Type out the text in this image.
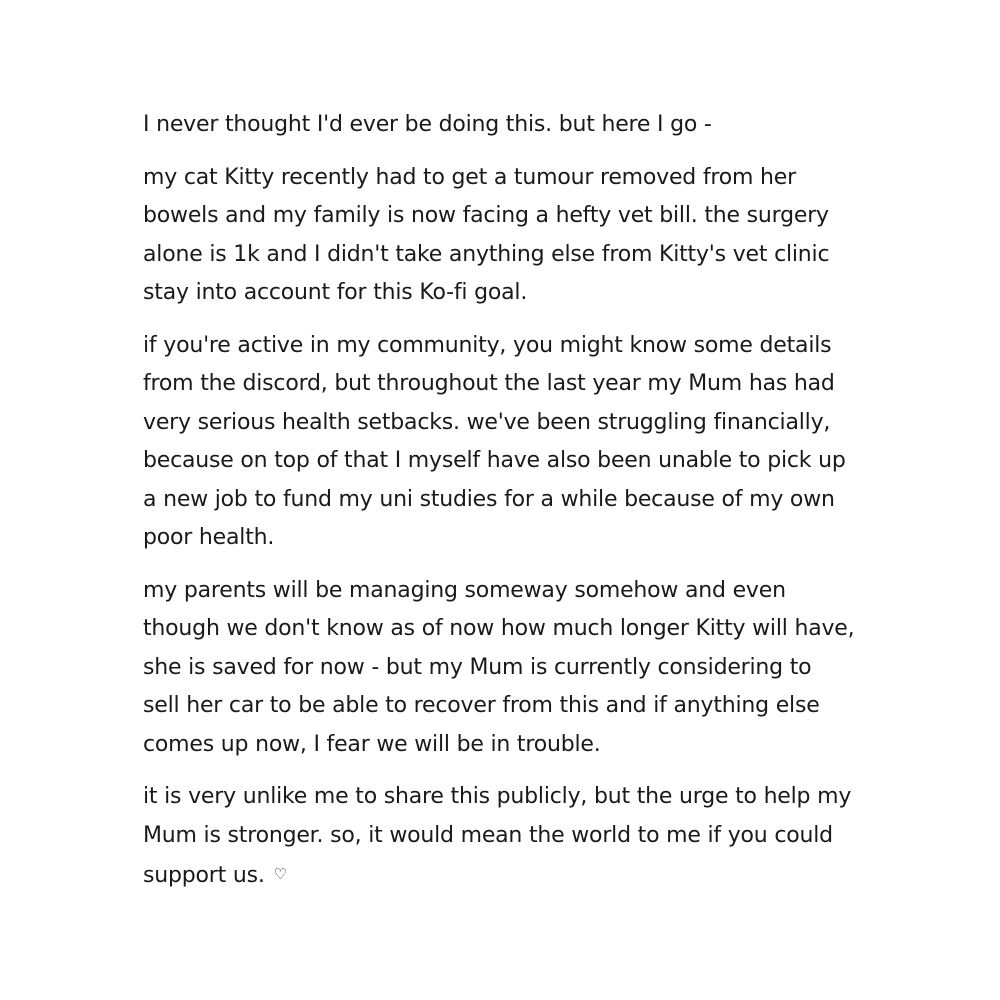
I never thought I'd ever be doing this. but here I go -

my cat Kitty recently had to get a tumour removed from her
bowels and my family is now facing a hefty vet bill. the surgery
alone is 1k and I didn't take anything else from Kitty's vet clinic
stay into account for this Ko-fi goal.

if you're active in my community, you might know some details
from the discord, but throughout the last year my Mum has had
very serious health setbacks. we've been struggling financially,
because on top of that I myself have also been unable to pick up
a new job to fund my uni studies for a while because of my own
poor health.

my parents will be managing someway somehow and even
though we don't know as of now how much longer Kitty will have,
she is saved for now - but my Mum is currently considering to
sell her car to be able to recover from this and if anything else
comes up now, I fear we will be in trouble.

it is very unlike me to share this publicly, but the urge to help my
Mum is stronger. so, it would mean the world to me if you could
support us. ♡
